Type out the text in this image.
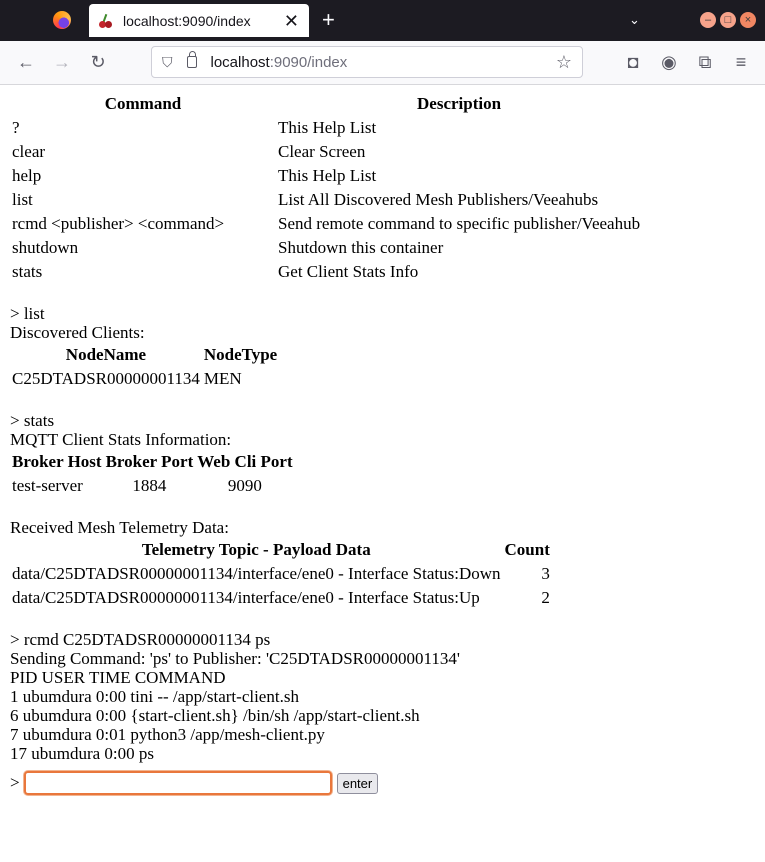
localhost:9090/index	✕ +	⌄	–	□	×
← → ↻	⛉	localhost:9090/index	☆	◘	◉ ⧉	≡
Command	Description
?	This Help List
clear	Clear Screen
help	This Help List
list	List All Discovered Mesh Publishers/Veeahubs
rcmd <publisher> <command>	Send remote command to specific publisher/Veeahub
shutdown	Shutdown this container
stats	Get Client Stats Info
> list
Discovered Clients:
NodeName	NodeType
C25DTADSR00000001134	MEN
> stats
MQTT Client Stats Information:
Broker Host	Broker Port	Web Cli Port
test-server	1884	9090
Received Mesh Telemetry Data:
Telemetry Topic - Payload Data	Count
data/C25DTADSR00000001134/interface/ene0 - Interface Status:Down	3
data/C25DTADSR00000001134/interface/ene0 - Interface Status:Up	2
> rcmd C25DTADSR00000001134 ps
Sending Command: 'ps' to Publisher: 'C25DTADSR00000001134'
PID USER TIME COMMAND
1 ubumdura 0:00 tini -- /app/start-client.sh
6 ubumdura 0:00 {start-client.sh} /bin/sh /app/start-client.sh
7 ubumdura 0:01 python3 /app/mesh-client.py
17 ubumdura 0:00 ps
>	enter
